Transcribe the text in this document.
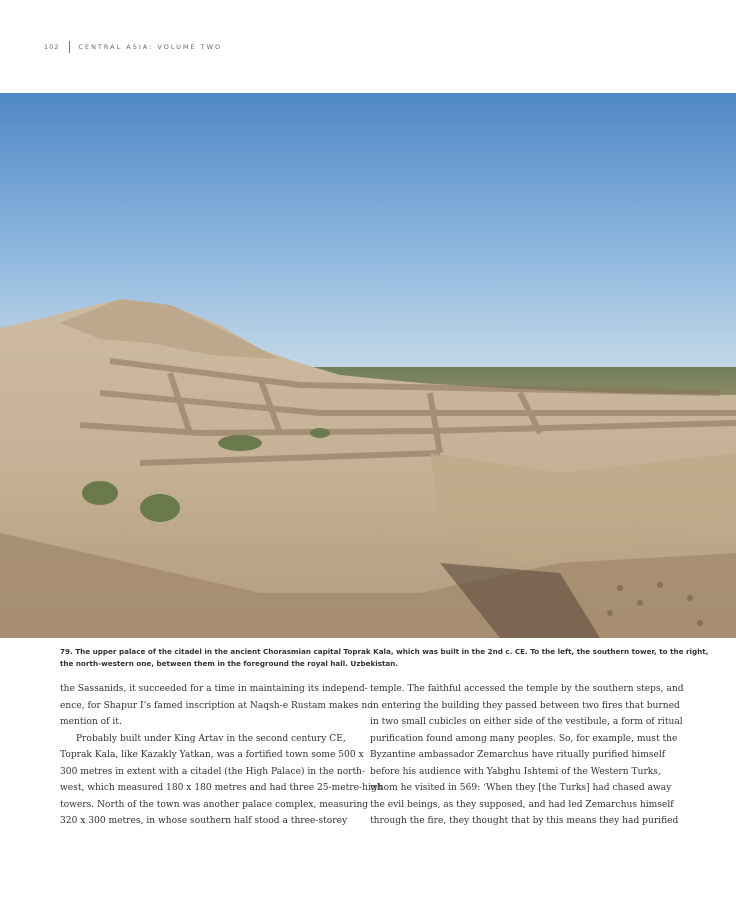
102	CENTRAL ASIA: VOLUME TWO
79. The upper palace of the citadel in the ancient Chorasmian capital Toprak Kala, which was built in the 2nd c. CE. To the left, the southern tower, to the right,
the north-western one, between them in the foreground the royal hall. Uzbekistan.
the Sassanids, it succeeded for a time in maintaining its independ-
ence, for Shapur I’s famed inscription at Naqsh-e Rustam makes no
mention of it.
Probably built under King Artav in the second century CE,
Toprak Kala, like Kazakly Yatkan, was a fortified town some 500 x
300 metres in extent with a citadel (the High Palace) in the north-
west, which measured 180 x 180 metres and had three 25-metre-high
towers. North of the town was another palace complex, measuring
320 x 300 metres, in whose southern half stood a three-storey
temple. The faithful accessed the temple by the southern steps, and
in entering the building they passed between two fires that burned
in two small cubicles on either side of the vestibule, a form of ritual
purification found among many peoples. So, for example, must the
Byzantine ambassador Zemarchus have ritually purified himself
before his audience with Yabghu Ishtemi of the Western Turks,
whom he visited in 569: ‘When they [the Turks] had chased away
the evil beings, as they supposed, and had led Zemarchus himself
through the fire, they thought that by this means they had purified
